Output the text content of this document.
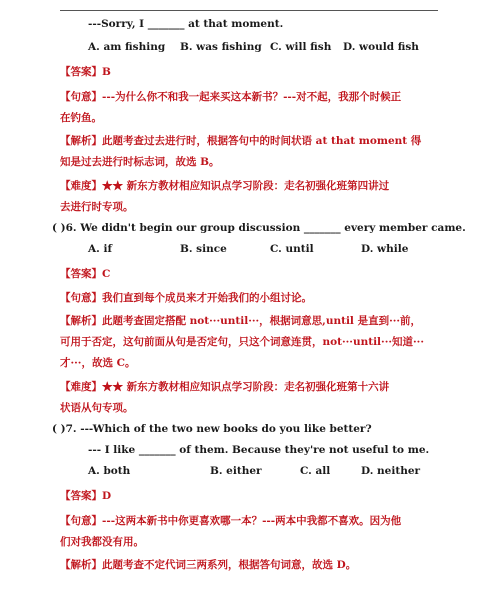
---Sorry, I _______ at that moment.
A. am fishing B. was fishing C. will fish D. would fish
【答案】B
【句意】---为什么你不和我一起来买这本新书？---对不起，我那个时候正
在钓鱼。
【解析】此题考查过去进行时，根据答句中的时间状语 at that moment 得
知是过去进行时标志词，故选 B。
【难度】★★ 新东方教材相应知识点学习阶段：走名初强化班第四讲过
去进行时专项。
( )6. We didn't begin our group discussion _______ every member came.
A. if	B. since	C. until	D. while
【答案】C
【句意】我们直到每个成员来才开始我们的小组讨论。
【解析】此题考查固定搭配 not···until···，根据词意思,until 是直到···前，
可用于否定，这句前面从句是否定句，只这个词意连贯，not···until···知道···
才···，故选 C。
【难度】★★ 新东方教材相应知识点学习阶段：走名初强化班第十六讲
状语从句专项。
( )7. ---Which of the two new books do you like better?
--- I like _______ of them. Because they're not useful to me.
A. both	B. either	C. all	D. neither
【答案】D
【句意】---这两本新书中你更喜欢哪一本？---两本中我都不喜欢。因为他
们对我都没有用。
【解析】此题考查不定代词三两系列，根据答句词意，故选 D。
